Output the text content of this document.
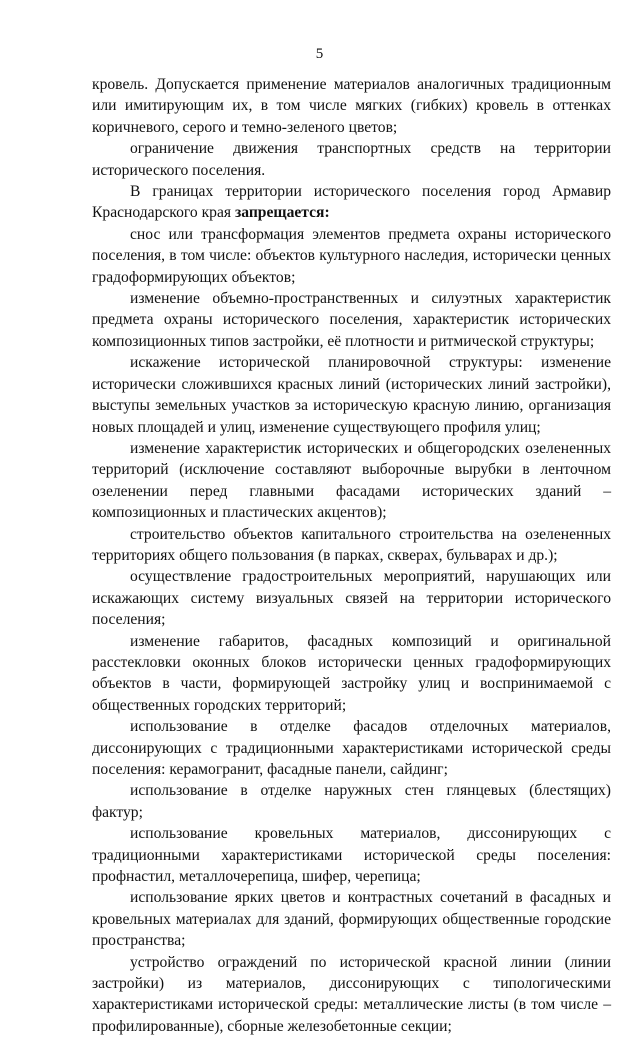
5

кровель. Допускается применение материалов аналогичных традиционным или имитирующим их, в том числе мягких (гибких) кровель в оттенках коричневого, серого и темно-зеленого цветов;

ограничение движения транспортных средств на территории исторического поселения.

В границах территории исторического поселения город Армавир Краснодарского края запрещается:

снос или трансформация элементов предмета охраны исторического поселения, в том числе: объектов культурного наследия, исторически ценных градоформирующих объектов;

изменение объемно-пространственных и силуэтных характеристик предмета охраны исторического поселения, характеристик исторических композиционных типов застройки, её плотности и ритмической структуры;

искажение исторической планировочной структуры: изменение исторически сложившихся красных линий (исторических линий застройки), выступы земельных участков за историческую красную линию, организация новых площадей и улиц, изменение существующего профиля улиц;

изменение характеристик исторических и общегородских озелененных территорий (исключение составляют выборочные вырубки в ленточном озеленении перед главными фасадами исторических зданий – композиционных и пластических акцентов);

строительство объектов капитального строительства на озелененных территориях общего пользования (в парках, скверах, бульварах и др.);

осуществление градостроительных мероприятий, нарушающих или искажающих систему визуальных связей на территории исторического поселения;

изменение габаритов, фасадных композиций и оригинальной расстекловки оконных блоков исторически ценных градоформирующих объектов в части, формирующей застройку улиц и воспринимаемой с общественных городских территорий;

использование в отделке фасадов отделочных материалов, диссонирующих с традиционными характеристиками исторической среды поселения: керамогранит, фасадные панели, сайдинг;

использование в отделке наружных стен глянцевых (блестящих) фактур;

использование кровельных материалов, диссонирующих с традиционными характеристиками исторической среды поселения: профнастил, металлочерепица, шифер, черепица;

использование ярких цветов и контрастных сочетаний в фасадных и кровельных материалах для зданий, формирующих общественные городские пространства;

устройство ограждений по исторической красной линии (линии застройки) из материалов, диссонирующих с типологическими характеристиками исторической среды: металлические листы (в том числе – профилированные), сборные железобетонные секции;
